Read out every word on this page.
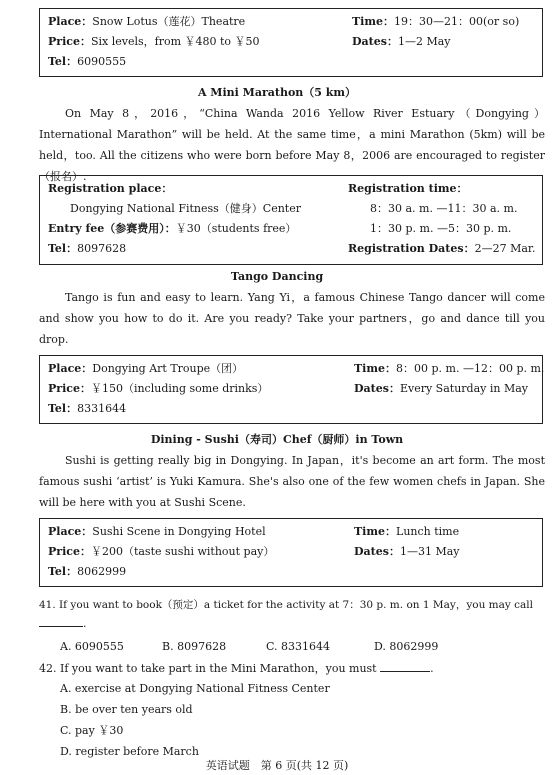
Place：Snow Lotus（莲花）Theatre	Time：19：30—21：00(or so)
Price：Six levels，from ￥480 to ￥50	Dates：1—2 May
Tel：6090555
A Mini Marathon（5 km）

On May 8，2016，“China Wanda 2016 Yellow River Estuary（Dongying）International Marathon” will be held. At the same time，a mini Marathon (5km) will be held，too. All the citizens who were born before May 8，2006 are encouraged to register（报名）.

Registration place：	Registration time：
Dongying National Fitness（健身）Center	8：30 a. m. —11：30 a. m.
Entry fee（参赛费用）：￥30（students free）	1：30 p. m. —5：30 p. m.
Tel：8097628	Registration Dates：2—27 Mar.
Tango Dancing

Tango is fun and easy to learn. Yang Yi，a famous Chinese Tango dancer will come and show you how to do it. Are you ready? Take your partners，go and dance till you drop.

Place：Dongying Art Troupe（团）	Time：8：00 p. m. —12：00 p. m.
Price：￥150（including some drinks）	Dates：Every Saturday in May
Tel：8331644
Dining - Sushi（寿司）Chef（厨师）in Town

Sushi is getting really big in Dongying. In Japan，it's become an art form. The most famous sushi ‘artist’ is Yuki Kamura. She's also one of the few women chefs in Japan. She will be here with you at Sushi Scene.

Place：Sushi Scene in Dongying Hotel	Time：Lunch time
Price：￥200（taste sushi without pay）	Dates：1—31 May
Tel：8062999
41. If you want to book（预定）a ticket for the activity at 7：30 p. m. on 1 May，you may call
.
A. 6090555	B. 8097628	C. 8331644	D. 8062999
42. If you want to take part in the Mini Marathon，you must	.
A. exercise at Dongying National Fitness Center
B. be over ten years old
C. pay ￥30
D. register before March
英语试题　第 6 页(共 12 页)
